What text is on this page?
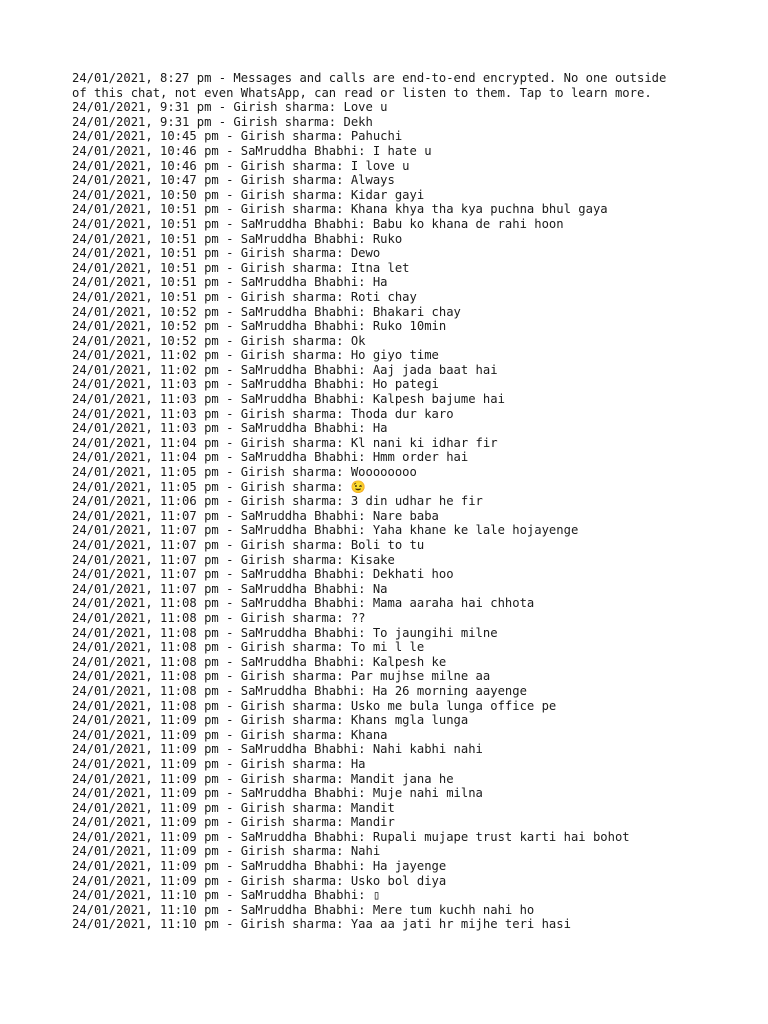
24/01/2021, 8:27 pm - Messages and calls are end-to-end encrypted. No one outside
of this chat, not even WhatsApp, can read or listen to them. Tap to learn more.
24/01/2021, 9:31 pm - Girish sharma: Love u
24/01/2021, 9:31 pm - Girish sharma: Dekh
24/01/2021, 10:45 pm - Girish sharma: Pahuchi
24/01/2021, 10:46 pm - SaMruddha Bhabhi: I hate u
24/01/2021, 10:46 pm - Girish sharma: I love u
24/01/2021, 10:47 pm - Girish sharma: Always
24/01/2021, 10:50 pm - Girish sharma: Kidar gayi
24/01/2021, 10:51 pm - Girish sharma: Khana khya tha kya puchna bhul gaya
24/01/2021, 10:51 pm - SaMruddha Bhabhi: Babu ko khana de rahi hoon
24/01/2021, 10:51 pm - SaMruddha Bhabhi: Ruko
24/01/2021, 10:51 pm - Girish sharma: Dewo
24/01/2021, 10:51 pm - Girish sharma: Itna let
24/01/2021, 10:51 pm - SaMruddha Bhabhi: Ha
24/01/2021, 10:51 pm - Girish sharma: Roti chay
24/01/2021, 10:52 pm - SaMruddha Bhabhi: Bhakari chay
24/01/2021, 10:52 pm - SaMruddha Bhabhi: Ruko 10min
24/01/2021, 10:52 pm - Girish sharma: Ok
24/01/2021, 11:02 pm - Girish sharma: Ho giyo time
24/01/2021, 11:02 pm - SaMruddha Bhabhi: Aaj jada baat hai
24/01/2021, 11:03 pm - SaMruddha Bhabhi: Ho pategi
24/01/2021, 11:03 pm - SaMruddha Bhabhi: Kalpesh bajume hai
24/01/2021, 11:03 pm - Girish sharma: Thoda dur karo
24/01/2021, 11:03 pm - SaMruddha Bhabhi: Ha
24/01/2021, 11:04 pm - Girish sharma: Kl nani ki idhar fir
24/01/2021, 11:04 pm - SaMruddha Bhabhi: Hmm order hai
24/01/2021, 11:05 pm - Girish sharma: Woooooooo
24/01/2021, 11:05 pm - Girish sharma: 😉
24/01/2021, 11:06 pm - Girish sharma: 3 din udhar he fir
24/01/2021, 11:07 pm - SaMruddha Bhabhi: Nare baba
24/01/2021, 11:07 pm - SaMruddha Bhabhi: Yaha khane ke lale hojayenge
24/01/2021, 11:07 pm - Girish sharma: Boli to tu
24/01/2021, 11:07 pm - Girish sharma: Kisake
24/01/2021, 11:07 pm - SaMruddha Bhabhi: Dekhati hoo
24/01/2021, 11:07 pm - SaMruddha Bhabhi: Na
24/01/2021, 11:08 pm - SaMruddha Bhabhi: Mama aaraha hai chhota
24/01/2021, 11:08 pm - Girish sharma: ??
24/01/2021, 11:08 pm - SaMruddha Bhabhi: To jaungihi milne
24/01/2021, 11:08 pm - Girish sharma: To mi l le
24/01/2021, 11:08 pm - SaMruddha Bhabhi: Kalpesh ke
24/01/2021, 11:08 pm - Girish sharma: Par mujhse milne aa
24/01/2021, 11:08 pm - SaMruddha Bhabhi: Ha 26 morning aayenge
24/01/2021, 11:08 pm - Girish sharma: Usko me bula lunga office pe
24/01/2021, 11:09 pm - Girish sharma: Khans mgla lunga
24/01/2021, 11:09 pm - Girish sharma: Khana
24/01/2021, 11:09 pm - SaMruddha Bhabhi: Nahi kabhi nahi
24/01/2021, 11:09 pm - Girish sharma: Ha
24/01/2021, 11:09 pm - Girish sharma: Mandit jana he
24/01/2021, 11:09 pm - SaMruddha Bhabhi: Muje nahi milna
24/01/2021, 11:09 pm - Girish sharma: Mandit
24/01/2021, 11:09 pm - Girish sharma: Mandir
24/01/2021, 11:09 pm - SaMruddha Bhabhi: Rupali mujape trust karti hai bohot
24/01/2021, 11:09 pm - Girish sharma: Nahi
24/01/2021, 11:09 pm - SaMruddha Bhabhi: Ha jayenge
24/01/2021, 11:09 pm - Girish sharma: Usko bol diya
24/01/2021, 11:10 pm - SaMruddha Bhabhi: ▯
24/01/2021, 11:10 pm - SaMruddha Bhabhi: Mere tum kuchh nahi ho
24/01/2021, 11:10 pm - Girish sharma: Yaa aa jati hr mijhe teri hasi
